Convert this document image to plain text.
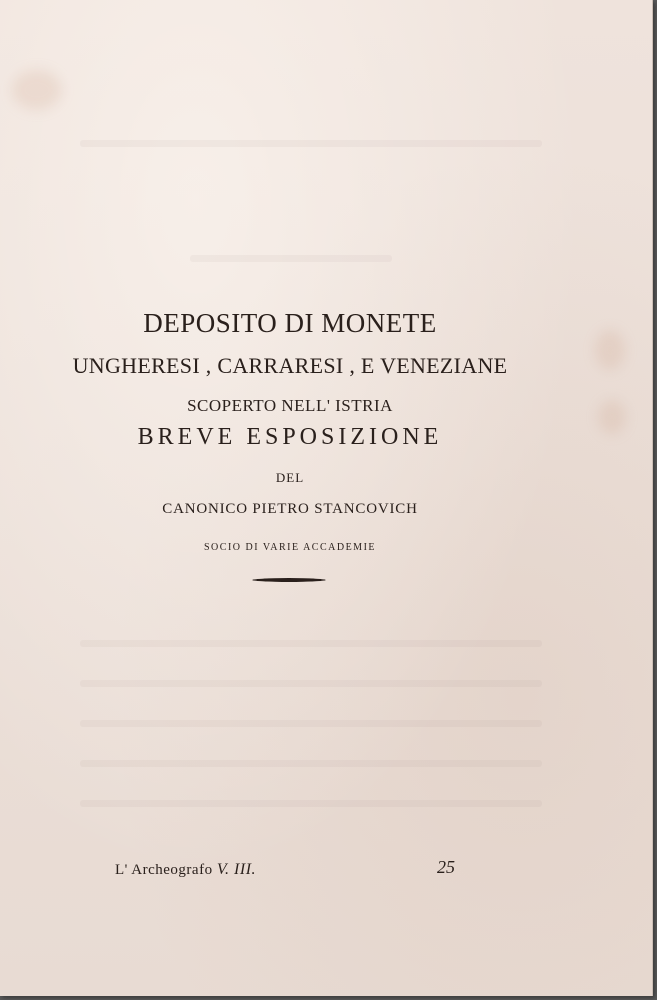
DEPOSITO DI MONETE
UNGHERESI , CARRARESI , E VENEZIANE
SCOPERTO NELL' ISTRIA
BREVE ESPOSIZIONE
DEL
CANONICO PIETRO STANCOVICH
SOCIO DI VARIE ACCADEMIE
L' Archeografo V. III.	25
